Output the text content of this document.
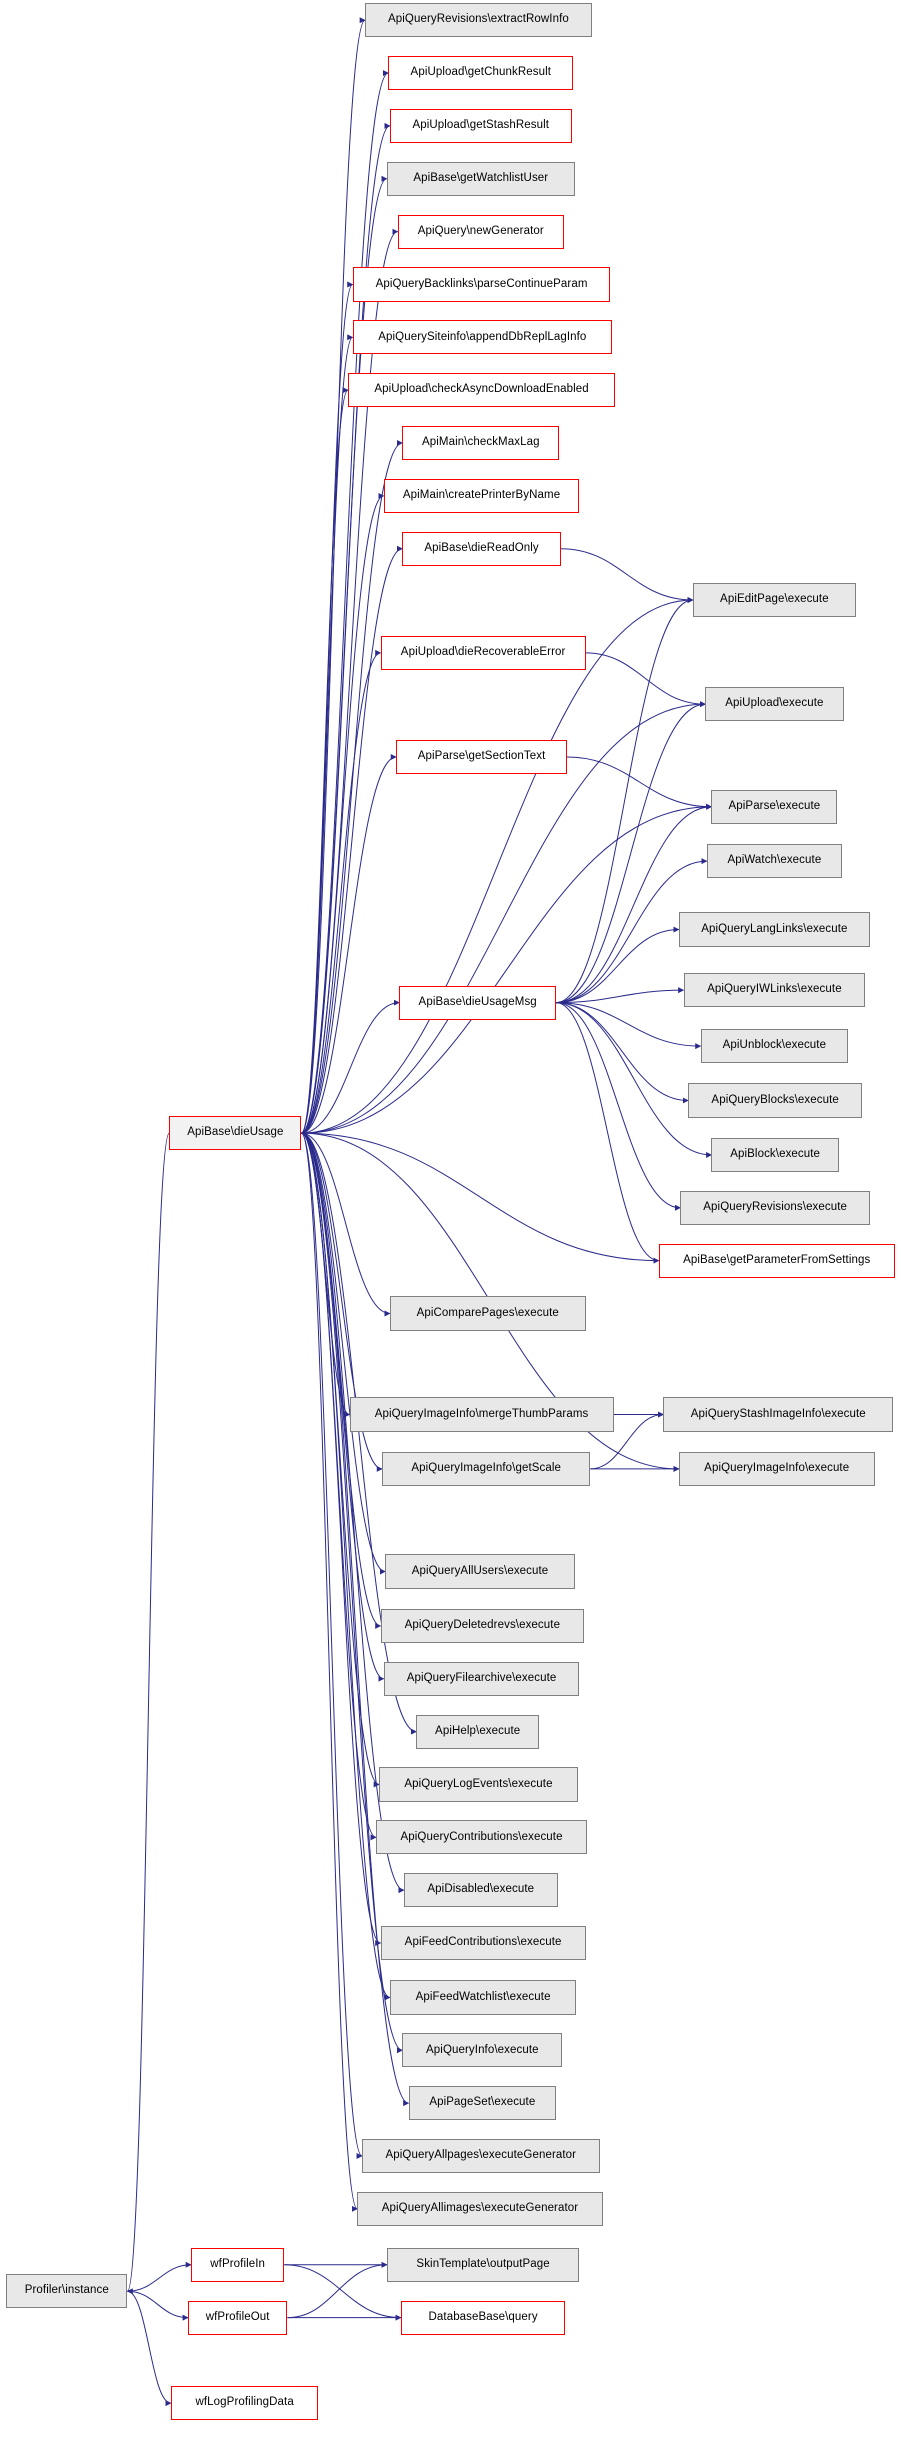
ApiQueryRevisions\extractRowInfo
ApiUpload\getChunkResult
ApiUpload\getStashResult
ApiBase\getWatchlistUser
ApiQuery\newGenerator
ApiQueryBacklinks\parseContinueParam
ApiQuerySiteinfo\appendDbReplLagInfo
ApiUpload\checkAsyncDownloadEnabled
ApiMain\checkMaxLag
ApiMain\createPrinterByName
ApiBase\dieReadOnly
ApiEditPage\execute
ApiUpload\dieRecoverableError
ApiUpload\execute
ApiParse\getSectionText
ApiParse\execute
ApiWatch\execute
ApiQueryLangLinks\execute
ApiQueryIWLinks\execute
ApiBase\dieUsageMsg
ApiUnblock\execute
ApiQueryBlocks\execute
ApiBlock\execute
ApiQueryRevisions\execute
ApiBase\getParameterFromSettings
ApiBase\dieUsage
ApiComparePages\execute
ApiQueryImageInfo\mergeThumbParams	ApiQueryStashImageInfo\execute
ApiQueryImageInfo\getScale	ApiQueryImageInfo\execute
ApiQueryAllUsers\execute
ApiQueryDeletedrevs\execute
ApiQueryFilearchive\execute
ApiHelp\execute
ApiQueryLogEvents\execute
ApiQueryContributions\execute
ApiDisabled\execute
ApiFeedContributions\execute
ApiFeedWatchlist\execute
ApiQueryInfo\execute
ApiPageSet\execute
ApiQueryAllpages\executeGenerator
ApiQueryAllimages\executeGenerator
Profiler\instance
wfProfileIn	SkinTemplate\outputPage
wfProfileOut	DatabaseBase\query
wfLogProfilingData
